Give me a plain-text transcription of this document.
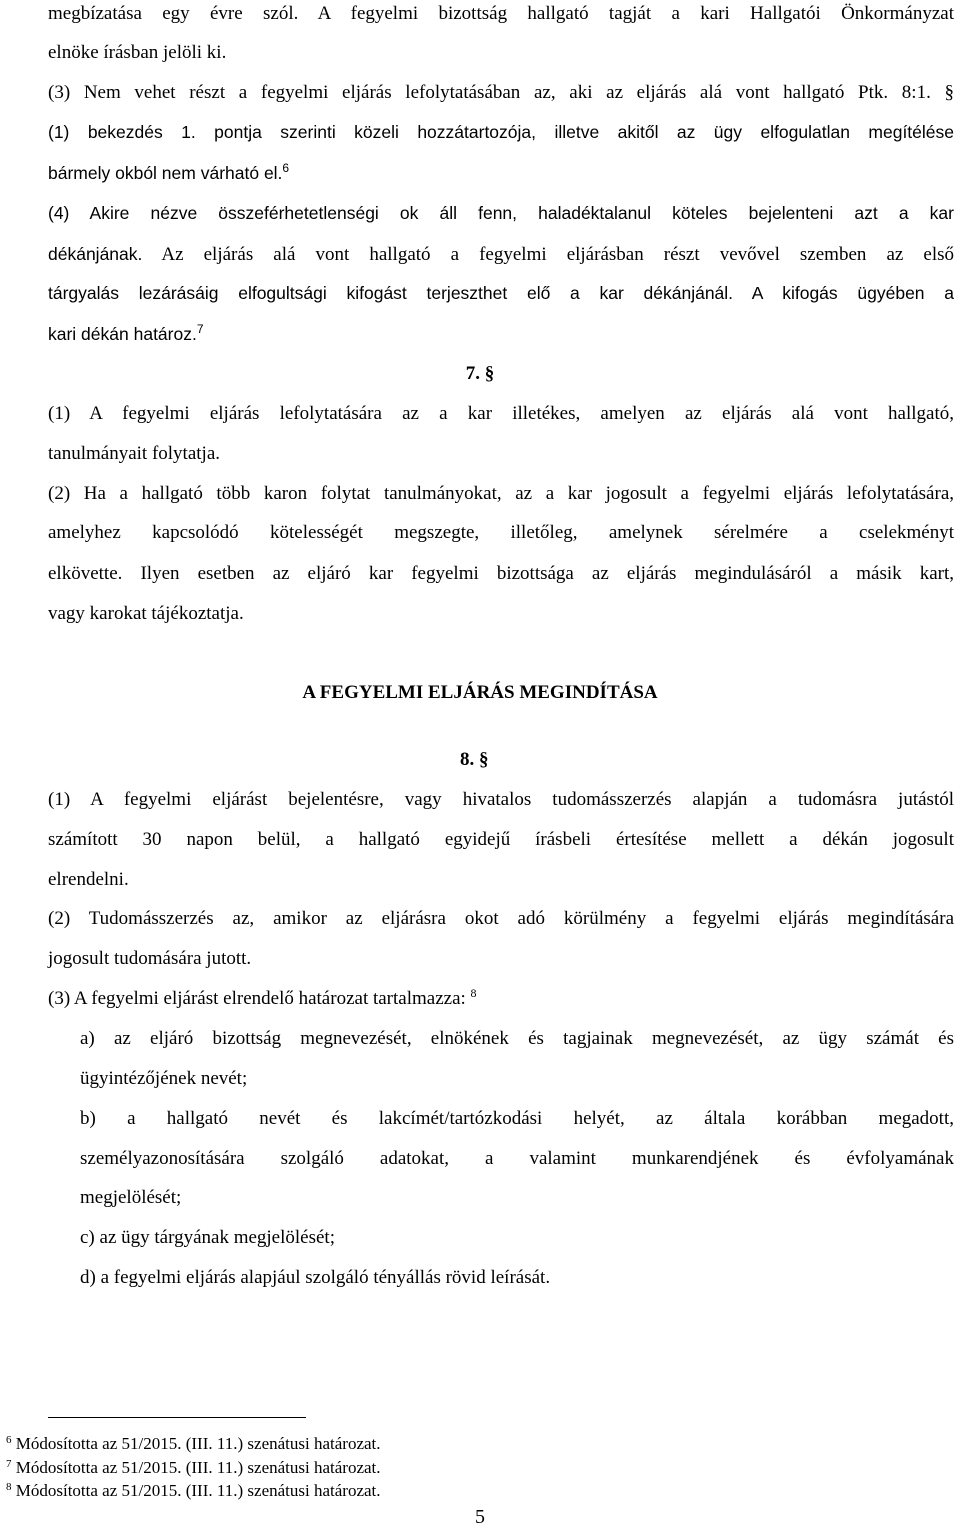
megbízatása egy évre szól. A fegyelmi bizottság hallgató tagját a kari Hallgatói Önkormányzat
elnöke írásban jelöli ki.
(3) Nem vehet részt a fegyelmi eljárás lefolytatásában az, aki az eljárás alá vont hallgató Ptk. 8:1. §
(1) bekezdés 1. pontja szerinti közeli hozzátartozója, illetve akitől az ügy elfogulatlan megítélése
bármely okból nem várható el.$^6$
(4) Akire nézve összeférhetetlenségi ok áll fenn, haladéktalanul köteles bejelenteni azt a kar
dékánjának. Az eljárás alá vont hallgató a fegyelmi eljárásban részt vevővel szemben az első
tárgyalás lezárásáig elfogultsági kifogást terjeszthet elő a kar dékánjánál. A kifogás ügyében a
kari dékán határoz.$^7$
7. §
(1) A fegyelmi eljárás lefolytatására az a kar illetékes, amelyen az eljárás alá vont hallgató,
tanulmányait folytatja.
(2) Ha a hallgató több karon folytat tanulmányokat, az a kar jogosult a fegyelmi eljárás lefolytatására,
amelyhez kapcsolódó kötelességét megszegte, illetőleg, amelynek sérelmére a cselekményt
elkövette. Ilyen esetben az eljáró kar fegyelmi bizottsága az eljárás megindulásáról a másik kart,
vagy karokat tájékoztatja.
A FEGYELMI ELJÁRÁS MEGINDÍTÁSA
8. §
(1) A fegyelmi eljárást bejelentésre, vagy hivatalos tudomásszerzés alapján a tudomásra jutástól
számított 30 napon belül, a hallgató egyidejű írásbeli értesítése mellett a dékán jogosult
elrendelni.
(2) Tudomásszerzés az, amikor az eljárásra okot adó körülmény a fegyelmi eljárás megindítására
jogosult tudomására jutott.
(3) A fegyelmi eljárást elrendelő határozat tartalmazza: $^8$
a) az eljáró bizottság megnevezését, elnökének és tagjainak megnevezését, az ügy számát és
ügyintézőjének nevét;
b) a hallgató nevét és lakcímét/tartózkodási helyét, az általa korábban megadott,
személyazonosítására szolgáló adatokat, a valamint munkarendjének és évfolyamának
megjelölését;
c) az ügy tárgyának megjelölését;
d) a fegyelmi eljárás alapjául szolgáló tényállás rövid leírását.
$^6$ Módosította az 51/2015. (III. 11.) szenátusi határozat.
$^7$ Módosította az 51/2015. (III. 11.) szenátusi határozat.
$^8$ Módosította az 51/2015. (III. 11.) szenátusi határozat.
5
